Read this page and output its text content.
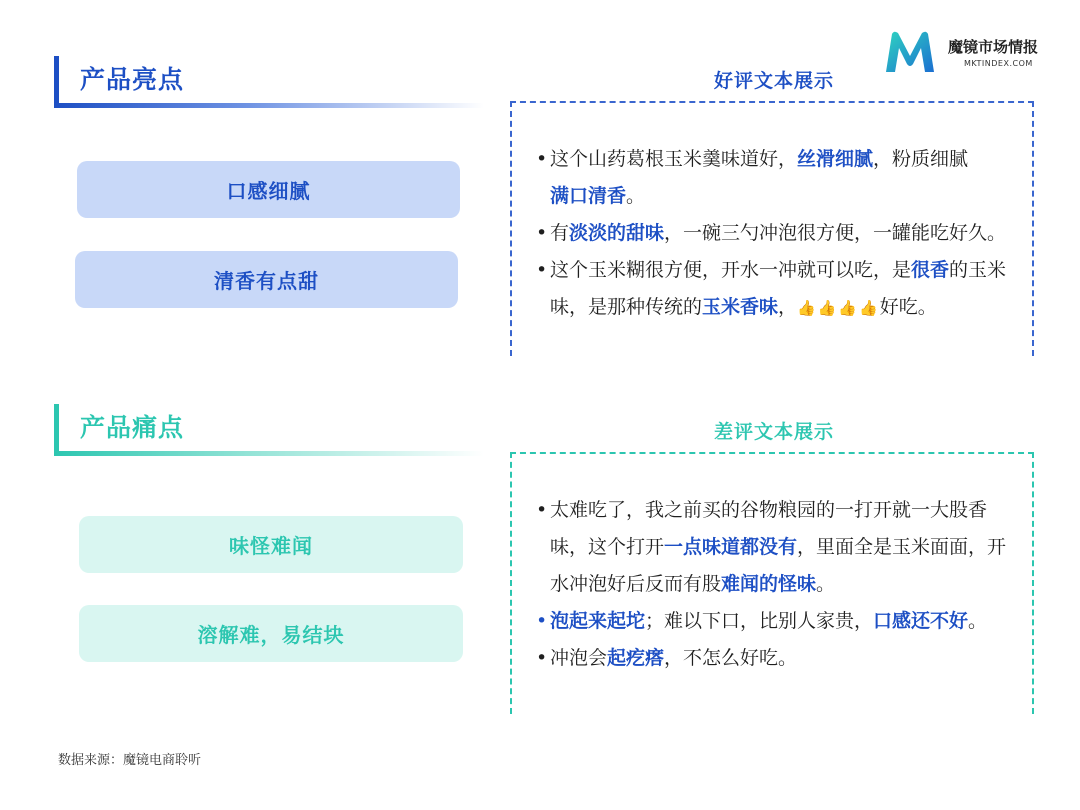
魔镜市场情报
MKTINDEX.COM
产品亮点
口感细腻
清香有点甜
产品痛点
味怪难闻
溶解难，易结块
好评文本展示
• 这个山药葛根玉米羹味道好，丝滑细腻，粉质细腻
满口清香。
• 有淡淡的甜味，一碗三勺冲泡很方便，一罐能吃好久。
• 这个玉米糊很方便，开水一冲就可以吃，是很香的玉米味，是那种传统的玉米香味，👍👍👍👍好吃。
差评文本展示
• 太难吃了，我之前买的谷物粮园的一打开就一大股香味，这个打开一点味道都没有，里面全是玉米面面，开水冲泡好后反而有股难闻的怪味。
• 泡起来起坨；难以下口，比别人家贵，口感还不好。
• 冲泡会起疙瘩，不怎么好吃。
数据来源：魔镜电商聆听
